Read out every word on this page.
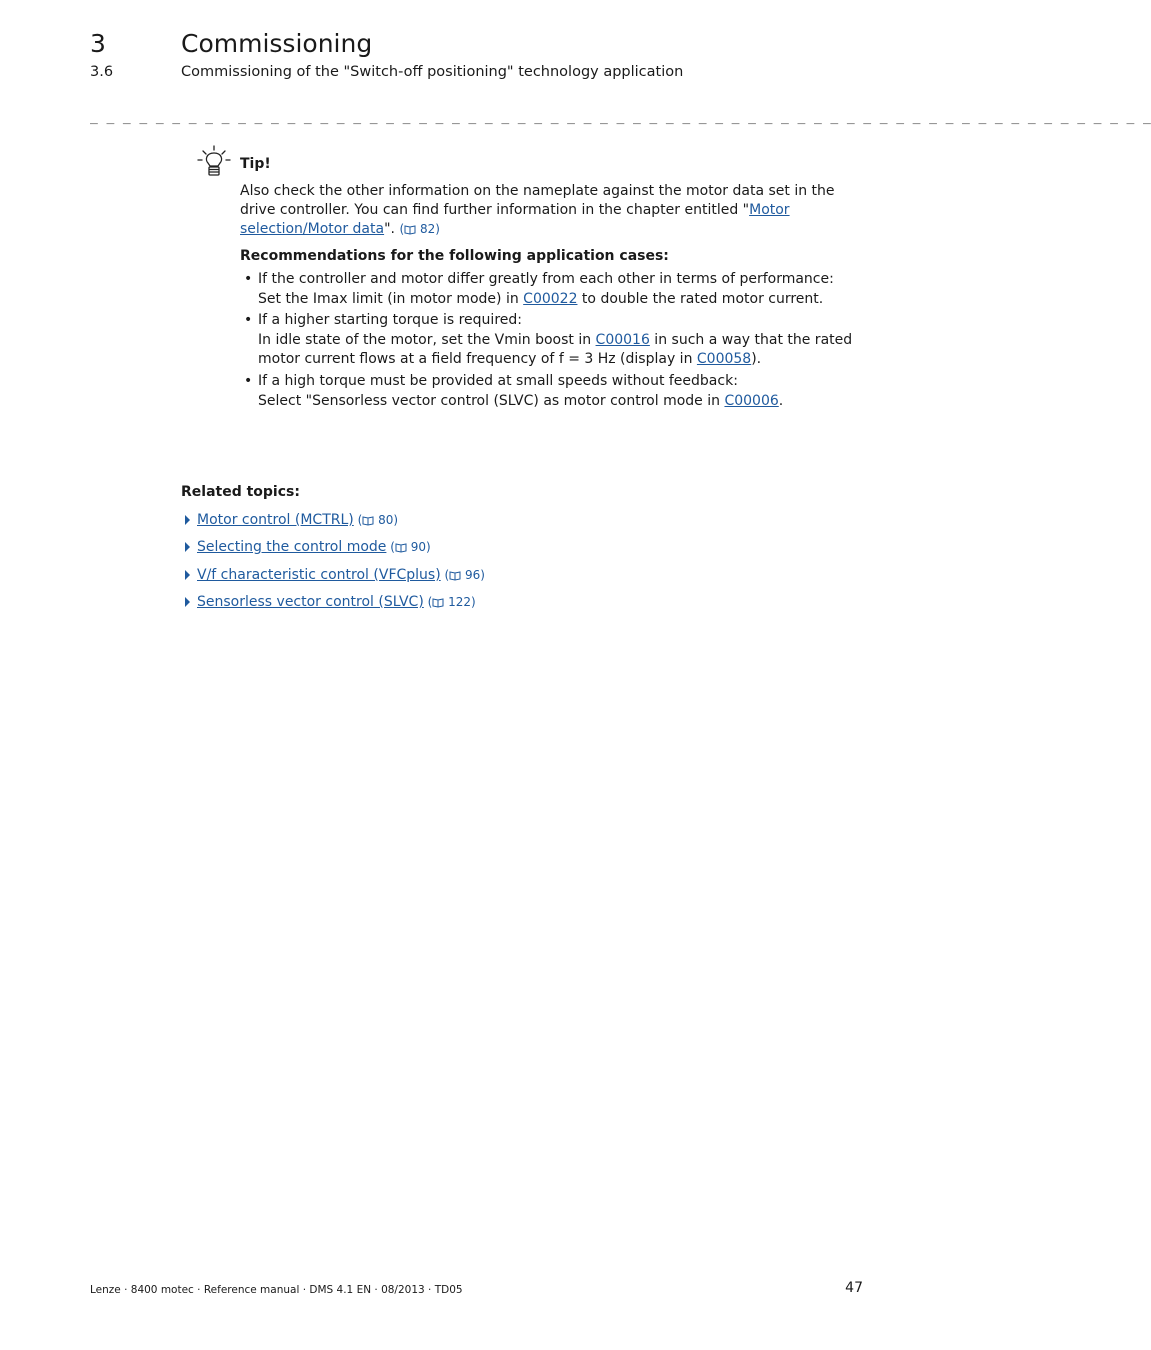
3	Commissioning
3.6	Commissioning of the "Switch-off positioning" technology application
_ _ _ _ _ _ _ _ _ _ _ _ _ _ _ _ _ _ _ _ _ _ _ _ _ _ _ _ _ _ _ _ _ _ _ _ _ _ _ _ _ _ _ _ _ _ _ _ _ _ _ _ _ _ _ _ _ _ _ _ _ _ _ _ _
Tip!
Also check the other information on the nameplate against the motor data set in the drive controller. You can find further information in the chapter entitled "Motor selection/Motor data". ( 82)
Recommendations for the following application cases:
• If the controller and motor differ greatly from each other in terms of performance:
Set the Imax limit (in motor mode) in C00022 to double the rated motor current.
• If a higher starting torque is required:
In idle state of the motor, set the Vmin boost in C00016 in such a way that the rated motor current flows at a field frequency of f = 3 Hz (display in C00058).
• If a high torque must be provided at small speeds without feedback:
Select "Sensorless vector control (SLVC) as motor control mode in C00006.
Related topics:
Motor control (MCTRL) ( 80)
Selecting the control mode ( 90)
V/f characteristic control (VFCplus) ( 96)
Sensorless vector control (SLVC) ( 122)
Lenze · 8400 motec · Reference manual · DMS 4.1 EN · 08/2013 · TD05	47
